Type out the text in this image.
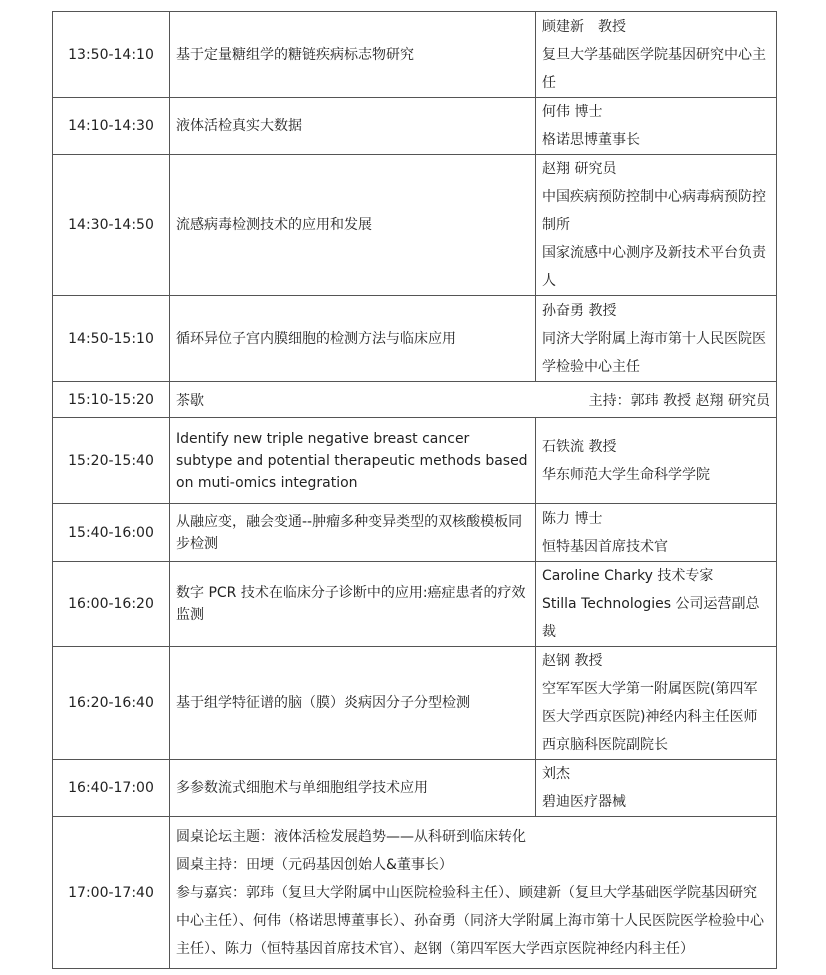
13:50-14:10	基于定量糖组学的糖链疾病标志物研究	顾建新　教授
复旦大学基础医学院基因研究中心主任

14:10-14:30	液体活检真实大数据	何伟 博士
格诺思博董事长

14:30-14:50	流感病毒检测技术的应用和发展	赵翔 研究员
中国疾病预防控制中心病毒病预防控制所
国家流感中心测序及新技术平台负责人

14:50-15:10	循环异位子宫内膜细胞的检测方法与临床应用	孙奋勇 教授
同济大学附属上海市第十人民医院医学检验中心主任

15:10-15:20	茶歇 主持：郭玮 教授 赵翔 研究员	

15:20-15:40	Identify new triple negative breast cancer subtype and potential therapeutic methods based on muti-omics integration	石铁流 教授
华东师范大学生命科学学院

15:40-16:00	从融应变，融会变通--肿瘤多种变异类型的双核酸模板同步检测	陈力 博士
恒特基因首席技术官

16:00-16:20	数字 PCR 技术在临床分子诊断中的应用:癌症患者的疗效监测	Caroline Charky 技术专家
Stilla Technologies 公司运营副总裁

16:20-16:40	基于组学特征谱的脑（膜）炎病因分子分型检测	赵钢 教授
空军军医大学第一附属医院(第四军医大学西京医院)神经内科主任医师
西京脑科医院副院长

16:40-17:00	多参数流式细胞术与单细胞组学技术应用	刘杰
碧迪医疗器械

17:00-17:40	圆桌论坛主题：液体活检发展趋势——从科研到临床转化
圆桌主持：田埂（元码基因创始人&董事长）
参与嘉宾：郭玮（复旦大学附属中山医院检验科主任）、顾建新（复旦大学基础医学院基因研究中心主任）、何伟（格诺思博董事长）、孙奋勇（同济大学附属上海市第十人民医院医学检验中心主任）、陈力（恒特基因首席技术官）、赵钢（第四军医大学西京医院神经内科主任）	
